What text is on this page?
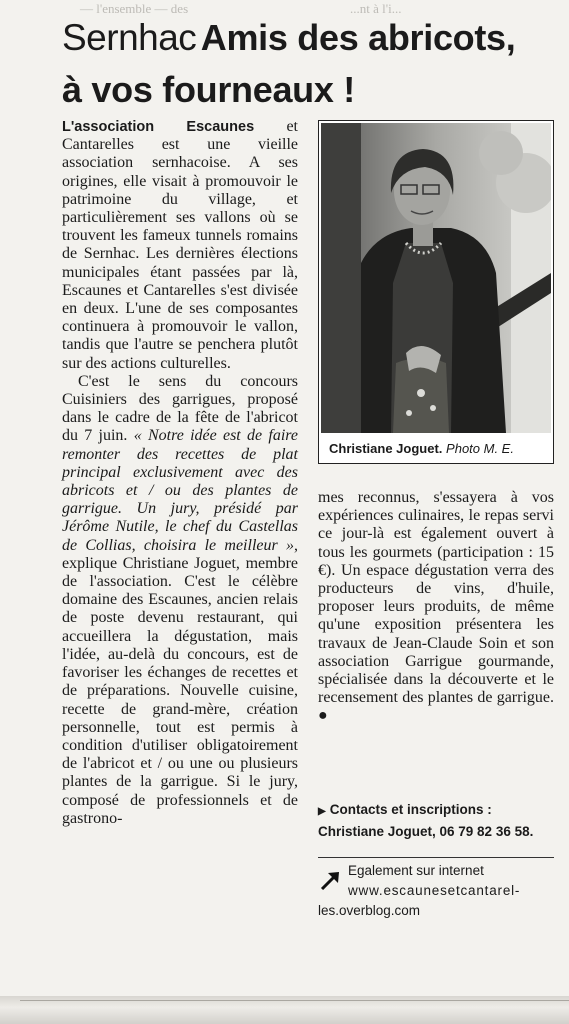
— l'ensemble — des	...nt à l'i...
Sernhac Amis des abricots,
à vos fourneaux !

L'association Escaunes et Cantarelles est une vieille association sernhacoise. A ses origines, elle visait à promouvoir le patrimoine du village, et particulièrement ses vallons où se trouvent les fameux tunnels romains de Sernhac. Les dernières élections municipales étant passées par là, Escaunes et Cantarelles s'est divisée en deux. L'une de ses composantes continuera à promouvoir le vallon, tandis que l'autre se penchera plutôt sur des actions culturelles.

C'est le sens du concours Cuisiniers des garrigues, proposé dans le cadre de la fête de l'abricot du 7 juin. « Notre idée est de faire remonter des recettes de plat principal exclusivement avec des abricots et / ou des plantes de garrigue. Un jury, présidé par Jérôme Nutile, le chef du Castellas de Collias, choisira le meilleur », explique Christiane Joguet, membre de l'association. C'est le célèbre domaine des Escaunes, ancien relais de poste devenu restaurant, qui accueillera la dégustation, mais l'idée, au-delà du concours, est de favoriser les échanges de recettes et de préparations. Nouvelle cuisine, recette de grand-mère, création personnelle, tout est permis à condition d'utiliser obligatoirement de l'abricot et / ou une ou plusieurs plantes de la garrigue. Si le jury, composé de professionnels et de gastrono-

Christiane Joguet. Photo M. E.

mes reconnus, s'essayera à vos expériences culinaires, le repas servi ce jour-là est également ouvert à tous les gourmets (participation : 15 €). Un espace dégustation verra des producteurs de vins, d'huile, proposer leurs produits, de même qu'une exposition présentera les travaux de Jean-Claude Soin et son association Garrigue gourmande, spécialisée dans la découverte et le recensement des plantes de garrigue. ●

▶ Contacts et inscriptions :
Christiane Joguet, 06 79 82 36 58.
Egalement sur internet
www.escaunesetcantarel-
les.overblog.com
